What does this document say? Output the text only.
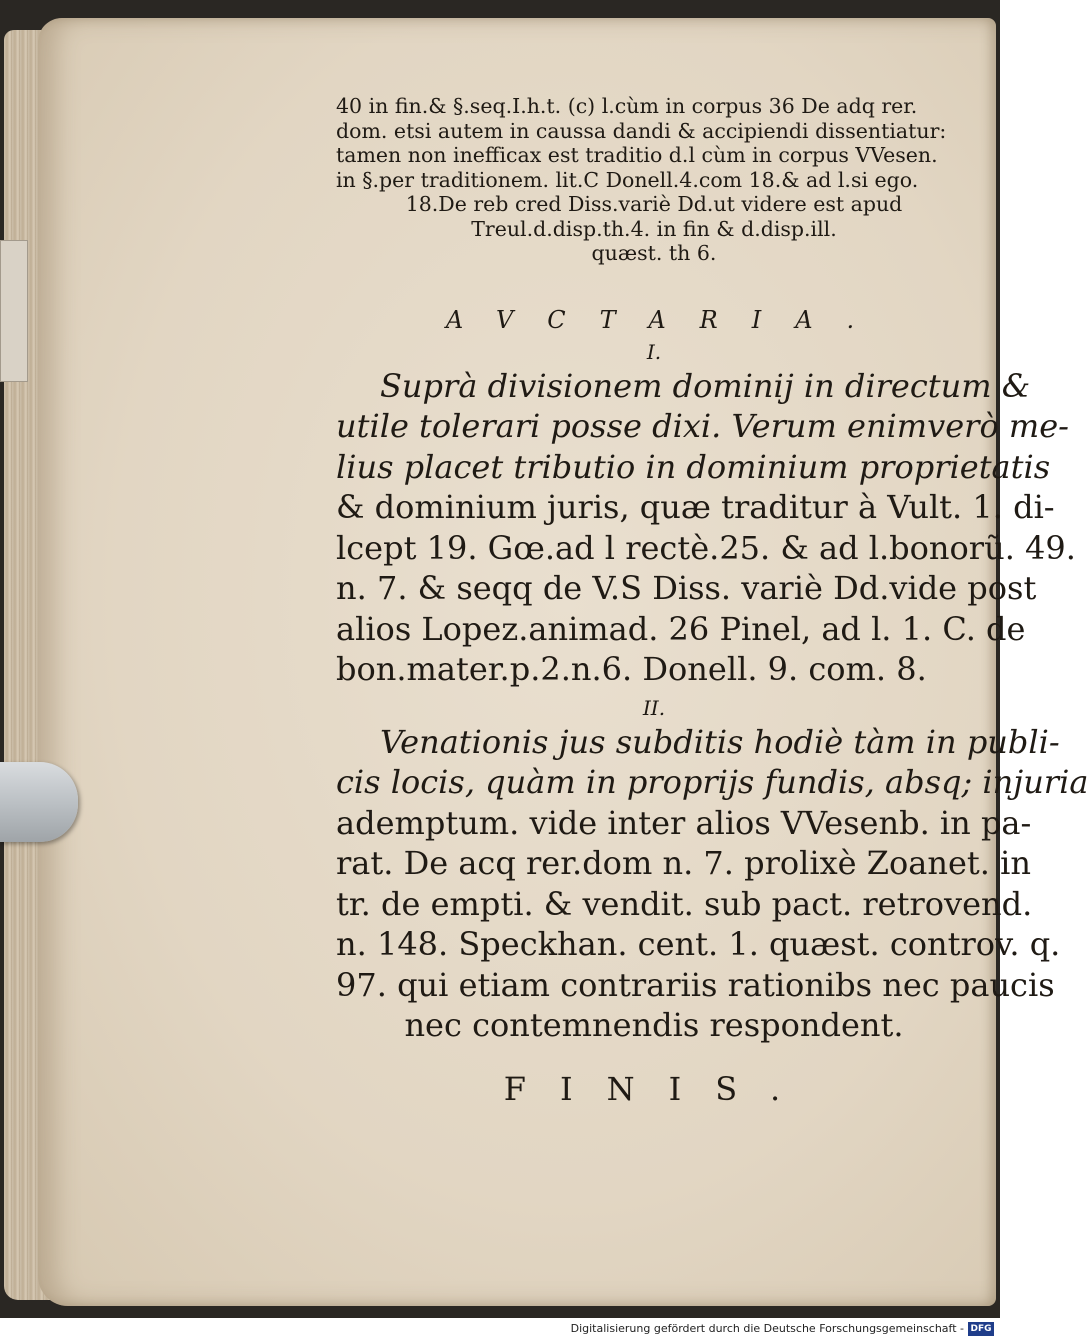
40 in fin.& §.seq.I.h.t. (c) l.cùm in corpus 36 De adq rer.

dom. etsi autem in caussa dandi & accipiendi dissentiatur:

tamen non inefficax est traditio d.l cùm in corpus VVesen.

in §.per traditionem. lit.C Donell.4.com 18.& ad l.si ego.

18.De reb cred Diss.variè Dd.ut videre est apud

Treul.d.disp.th.4. in fin & d.disp.ill.

quæst. th 6.

AVCTARIA.
I.

Suprà divisionem dominij in directum &

utile tolerari posse dixi. Verum enimverò me-

lius placet tributio in dominium proprietatis

& dominium juris, quæ traditur à Vult. 1. di-

lcept 19. Gœ.ad l rectè.25. & ad l.bonorũ. 49.

n. 7. & seqq de V.S Diss. variè Dd.vide post

alios Lopez.animad. 26 Pinel, ad l. 1. C. de

bon.mater.p.2.n.6. Donell. 9. com. 8.

II.

Venationis jus subditis hodiè tàm in publi-

cis locis, quàm in proprijs fundis, absq; injuria

ademptum. vide inter alios VVesenb. in pa-

rat. De acq rer.dom n. 7. prolixè Zoanet. in

tr. de empti. & vendit. sub pact. retrovend.

n. 148. Speckhan. cent. 1. quæst. controv. q.

97. qui etiam contrariis rationibs nec paucis

nec contemnendis respondent.

FINIS.
Digitalisierung gefördert durch die Deutsche Forschungsgemeinschaft - DFG
